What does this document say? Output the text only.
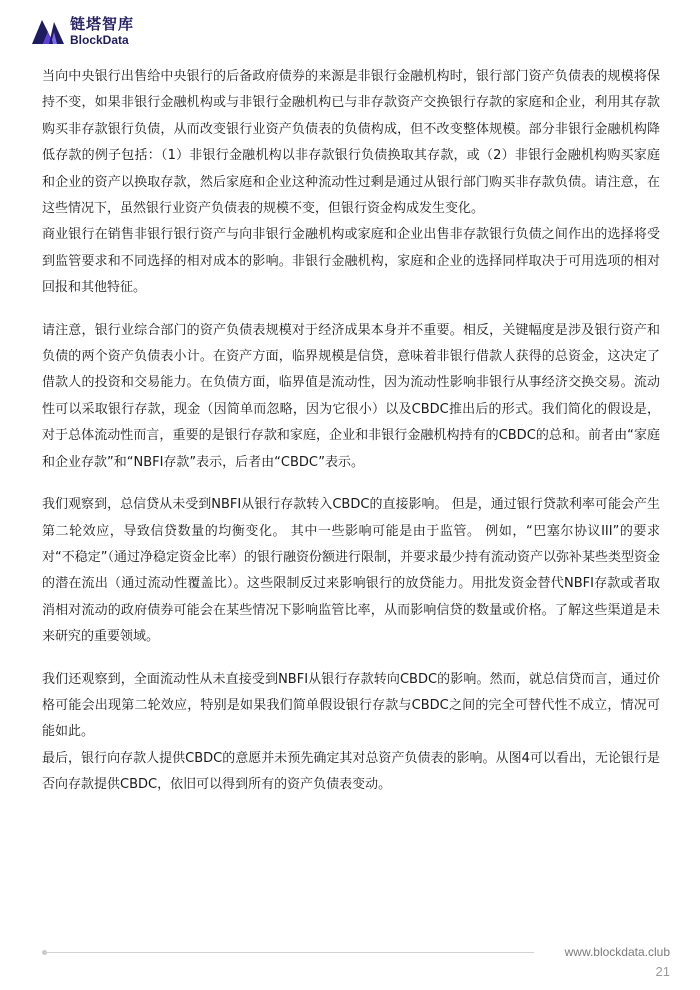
链塔智库
BlockData

当向中央银行出售给中央银行的后备政府债券的来源是非银行金融机构时，银行部门资产负债表的规模将保持不变，如果非银行金融机构或与非银行金融机构已与非存款资产交换银行存款的家庭和企业，利用其存款购买非存款银行负债，从而改变银行业资产负债表的负债构成，但不改变整体规模。部分非银行金融机构降低存款的例子包括：（1）非银行金融机构以非存款银行负债换取其存款，或（2）非银行金融机构购买家庭和企业的资产以换取存款，然后家庭和企业这种流动性过剩是通过从银行部门购买非存款负债。请注意，在这些情况下，虽然银行业资产负债表的规模不变，但银行资金构成发生变化。

商业银行在销售非银行银行资产与向非银行金融机构或家庭和企业出售非存款银行负债之间作出的选择将受到监管要求和不同选择的相对成本的影响。非银行金融机构，家庭和企业的选择同样取决于可用选项的相对回报和其他特征。

请注意，银行业综合部门的资产负债表规模对于经济成果本身并不重要。相反，关键幅度是涉及银行资产和负债的两个资产负债表小计。在资产方面，临界规模是信贷，意味着非银行借款人获得的总资金，这决定了借款人的投资和交易能力。在负债方面，临界值是流动性，因为流动性影响非银行从事经济交换交易。流动性可以采取银行存款，现金（因简单而忽略，因为它很小）以及CBDC推出后的形式。我们简化的假设是，对于总体流动性而言，重要的是银行存款和家庭，企业和非银行金融机构持有的CBDC的总和。前者由“家庭和企业存款”和“NBFI存款”表示，后者由“CBDC”表示。

我们观察到，总信贷从未受到NBFI从银行存款转入CBDC的直接影响。 但是，通过银行贷款利率可能会产生第二轮效应，导致信贷数量的均衡变化。 其中一些影响可能是由于监管。 例如，“巴塞尔协议III”的要求对“不稳定”（通过净稳定资金比率）的银行融资份额进行限制，并要求最少持有流动资产以弥补某些类型资金的潜在流出（通过流动性覆盖比）。这些限制反过来影响银行的放贷能力。用批发资金替代NBFI存款或者取消相对流动的政府债券可能会在某些情况下影响监管比率，从而影响信贷的数量或价格。了解这些渠道是未来研究的重要领域。

我们还观察到，全面流动性从未直接受到NBFI从银行存款转向CBDC的影响。然而，就总信贷而言，通过价格可能会出现第二轮效应，特别是如果我们简单假设银行存款与CBDC之间的完全可替代性不成立，情况可能如此。

最后，银行向存款人提供CBDC的意愿并未预先确定其对总资产负债表的影响。从图4可以看出，无论银行是否向存款提供CBDC，依旧可以得到所有的资产负债表变动。

www.blockdata.club
21
